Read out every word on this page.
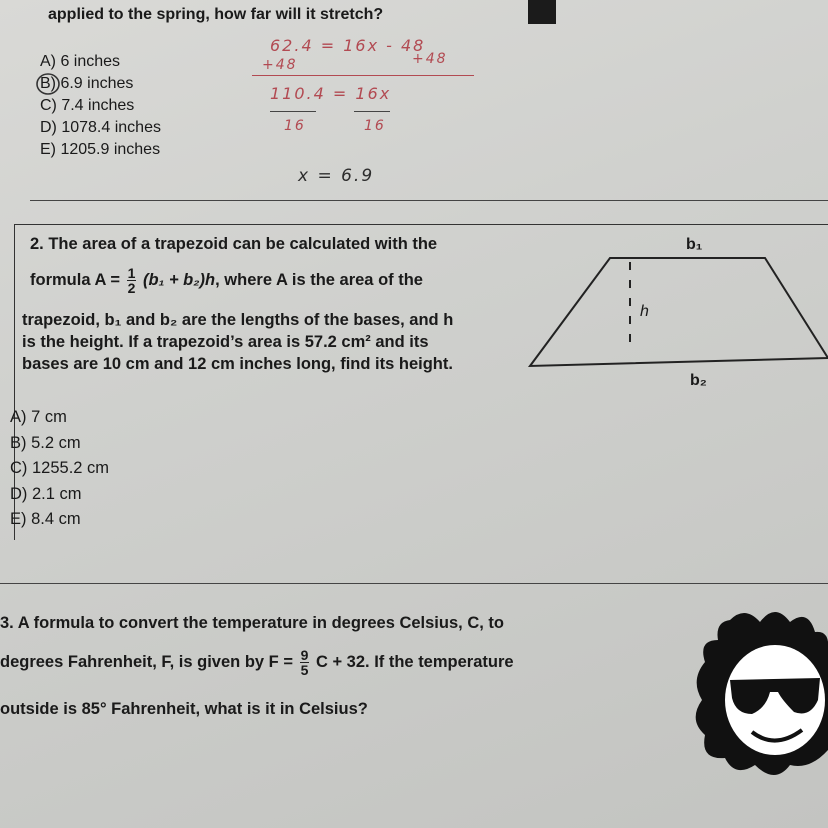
applied to the spring, how far will it stretch?
A) 6 inches
B) 6.9 inches
C) 7.4 inches
D) 1078.4 inches
E) 1205.9 inches
62.4 = 16x - 48
+48	+48
110.4 = 16x
16	16
x = 6.9
2. The area of a trapezoid can be calculated with the
formula $A = \frac{1}{2} (b_1 + b_2)h$, where A is the area of the
trapezoid, b₁ and b₂ are the lengths of the bases, and h
is the height. If a trapezoid’s area is 57.2 cm² and its
bases are 10 cm and 12 cm inches long, find its height.
b₁
h
b₂
A) 7 cm
B) 5.2 cm
C) 1255.2 cm
D) 2.1 cm
E) 8.4 cm
3. A formula to convert the temperature in degrees Celsius, C, to
degrees Fahrenheit, F, is given by $F = \frac{9}{5}$ C + 32. If the temperature
outside is 85° Fahrenheit, what is it in Celsius?
